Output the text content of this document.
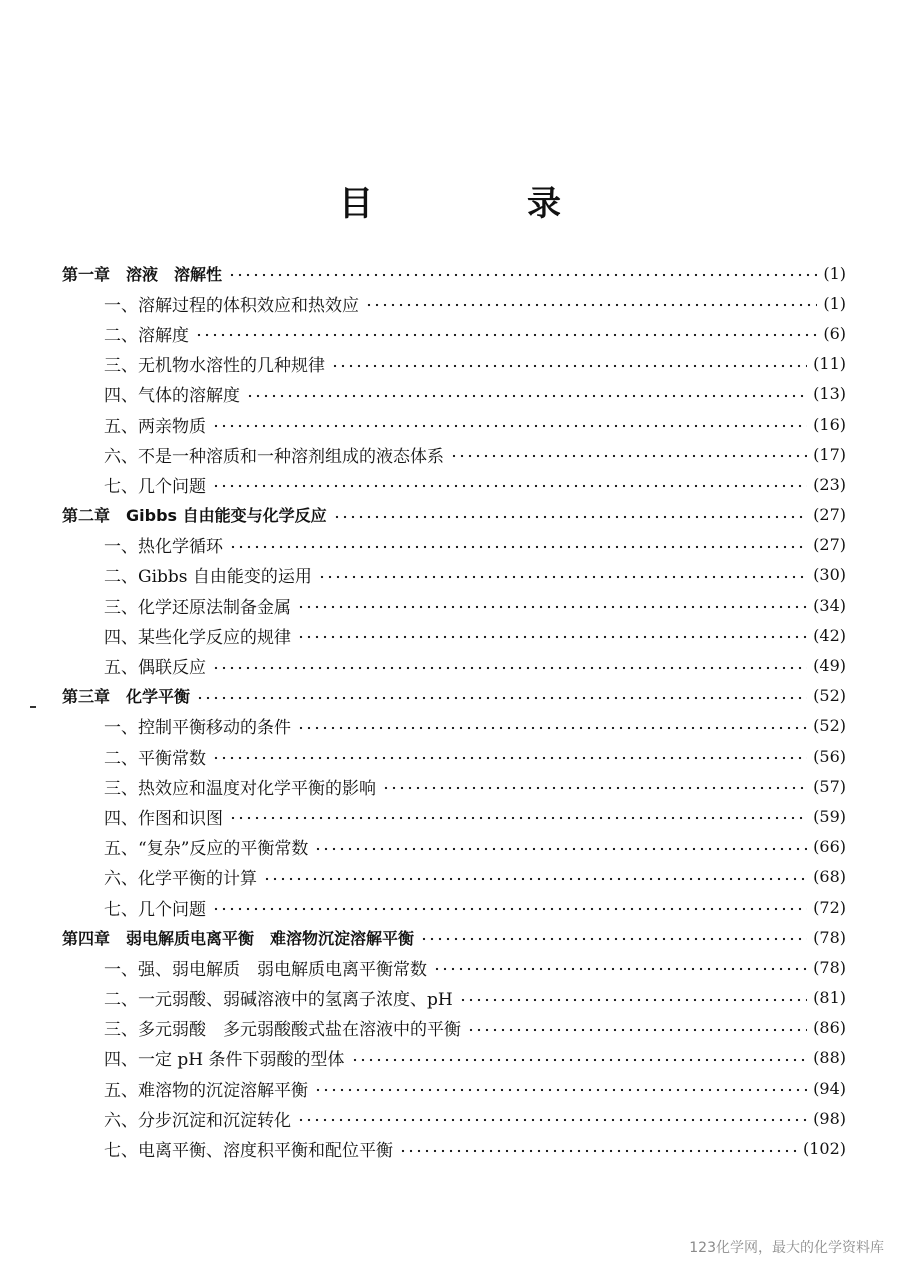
目　录
第一章　溶液　溶解性	(1)
一、溶解过程的体积效应和热效应	(1)
二、溶解度	(6)
三、无机物水溶性的几种规律	(11)
四、气体的溶解度	(13)
五、两亲物质	(16)
六、不是一种溶质和一种溶剂组成的液态体系	(17)
七、几个问题	(23)
第二章　Gibbs 自由能变与化学反应	(27)
一、热化学循环	(27)
二、Gibbs 自由能变的运用	(30)
三、化学还原法制备金属	(34)
四、某些化学反应的规律	(42)
五、偶联反应	(49)
第三章　化学平衡	(52)
一、控制平衡移动的条件	(52)
二、平衡常数	(56)
三、热效应和温度对化学平衡的影响	(57)
四、作图和识图	(59)
五、“复杂”反应的平衡常数	(66)
六、化学平衡的计算	(68)
七、几个问题	(72)
第四章　弱电解质电离平衡　难溶物沉淀溶解平衡	(78)
一、强、弱电解质　弱电解质电离平衡常数	(78)
二、一元弱酸、弱碱溶液中的氢离子浓度、pH	(81)
三、多元弱酸　多元弱酸酸式盐在溶液中的平衡	(86)
四、一定 pH 条件下弱酸的型体	(88)
五、难溶物的沉淀溶解平衡	(94)
六、分步沉淀和沉淀转化	(98)
七、电离平衡、溶度积平衡和配位平衡	(102)
123化学网，最大的化学资料库
